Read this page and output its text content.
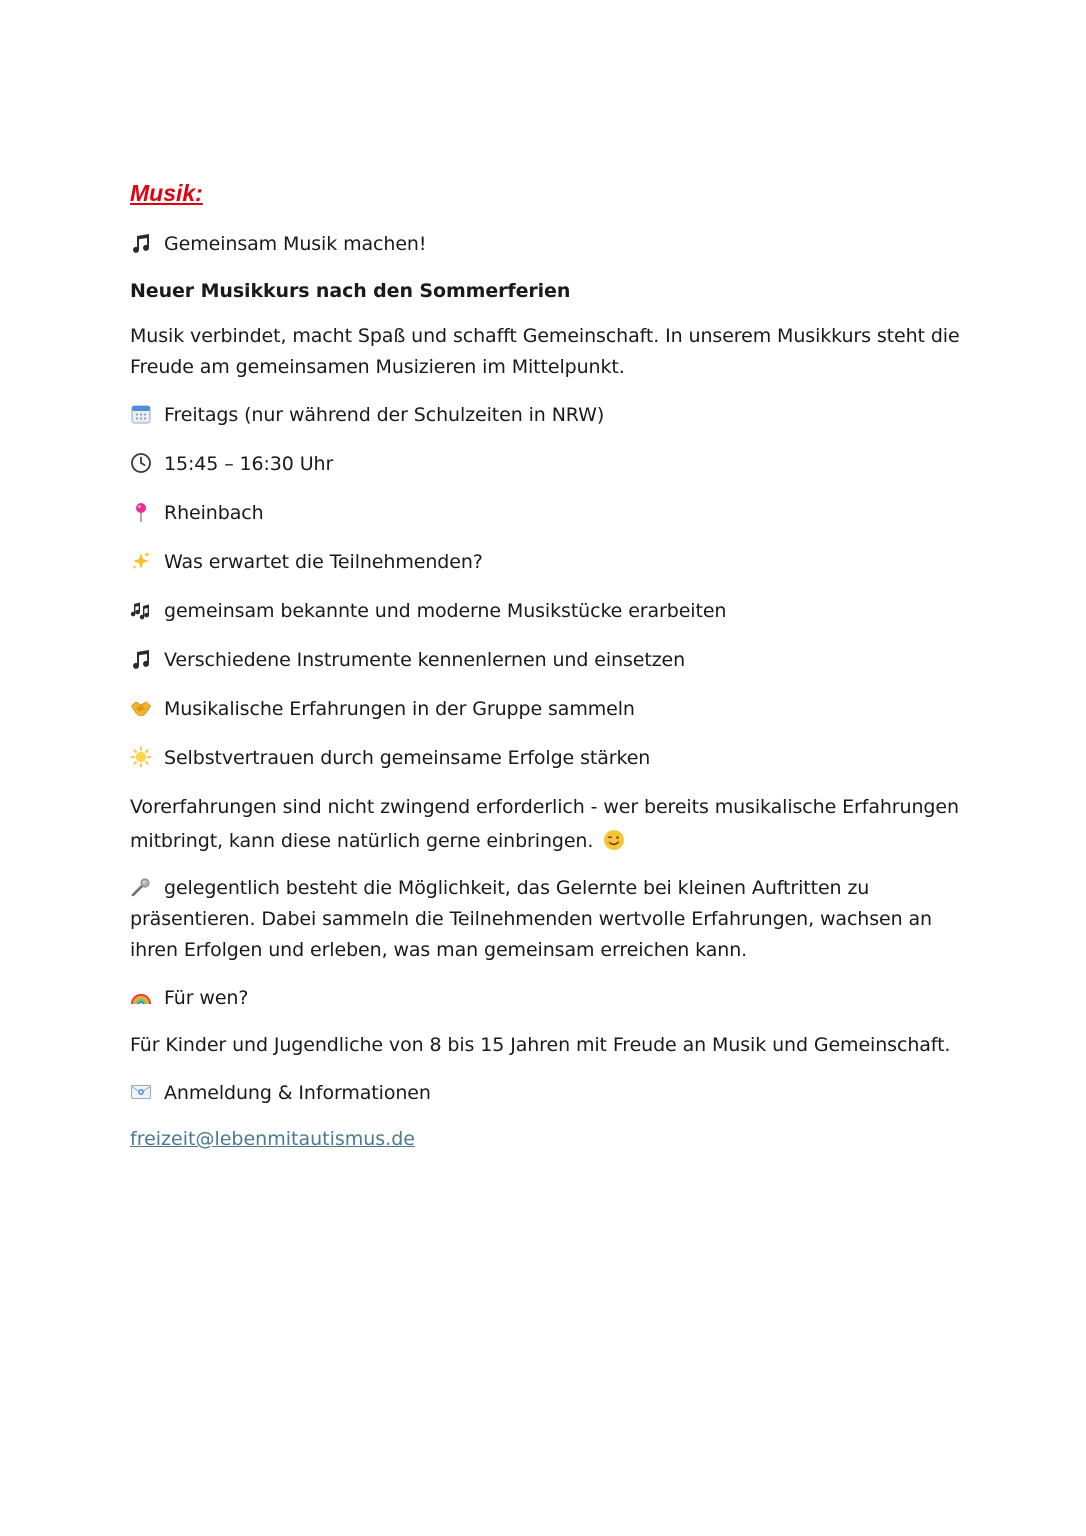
Musik:
Gemeinsam Musik machen!
Neuer Musikkurs nach den Sommerferien
Musik verbindet, macht Spaß und schafft Gemeinschaft. In unserem Musikkurs steht die Freude am gemeinsamen Musizieren im Mittelpunkt.
Freitags (nur während der Schulzeiten in NRW)
15:45 – 16:30 Uhr
Rheinbach
Was erwartet die Teilnehmenden?
gemeinsam bekannte und moderne Musikstücke erarbeiten
Verschiedene Instrumente kennenlernen und einsetzen
Musikalische Erfahrungen in der Gruppe sammeln
Selbstvertrauen durch gemeinsame Erfolge stärken
Vorerfahrungen sind nicht zwingend erforderlich - wer bereits musikalische Erfahrungen mitbringt, kann diese natürlich gerne einbringen.
gelegentlich besteht die Möglichkeit, das Gelernte bei kleinen Auftritten zu präsentieren. Dabei sammeln die Teilnehmenden wertvolle Erfahrungen, wachsen an ihren Erfolgen und erleben, was man gemeinsam erreichen kann.
Für wen?
Für Kinder und Jugendliche von 8 bis 15 Jahren mit Freude an Musik und Gemeinschaft.
Anmeldung & Informationen
freizeit@lebenmitautismus.de
